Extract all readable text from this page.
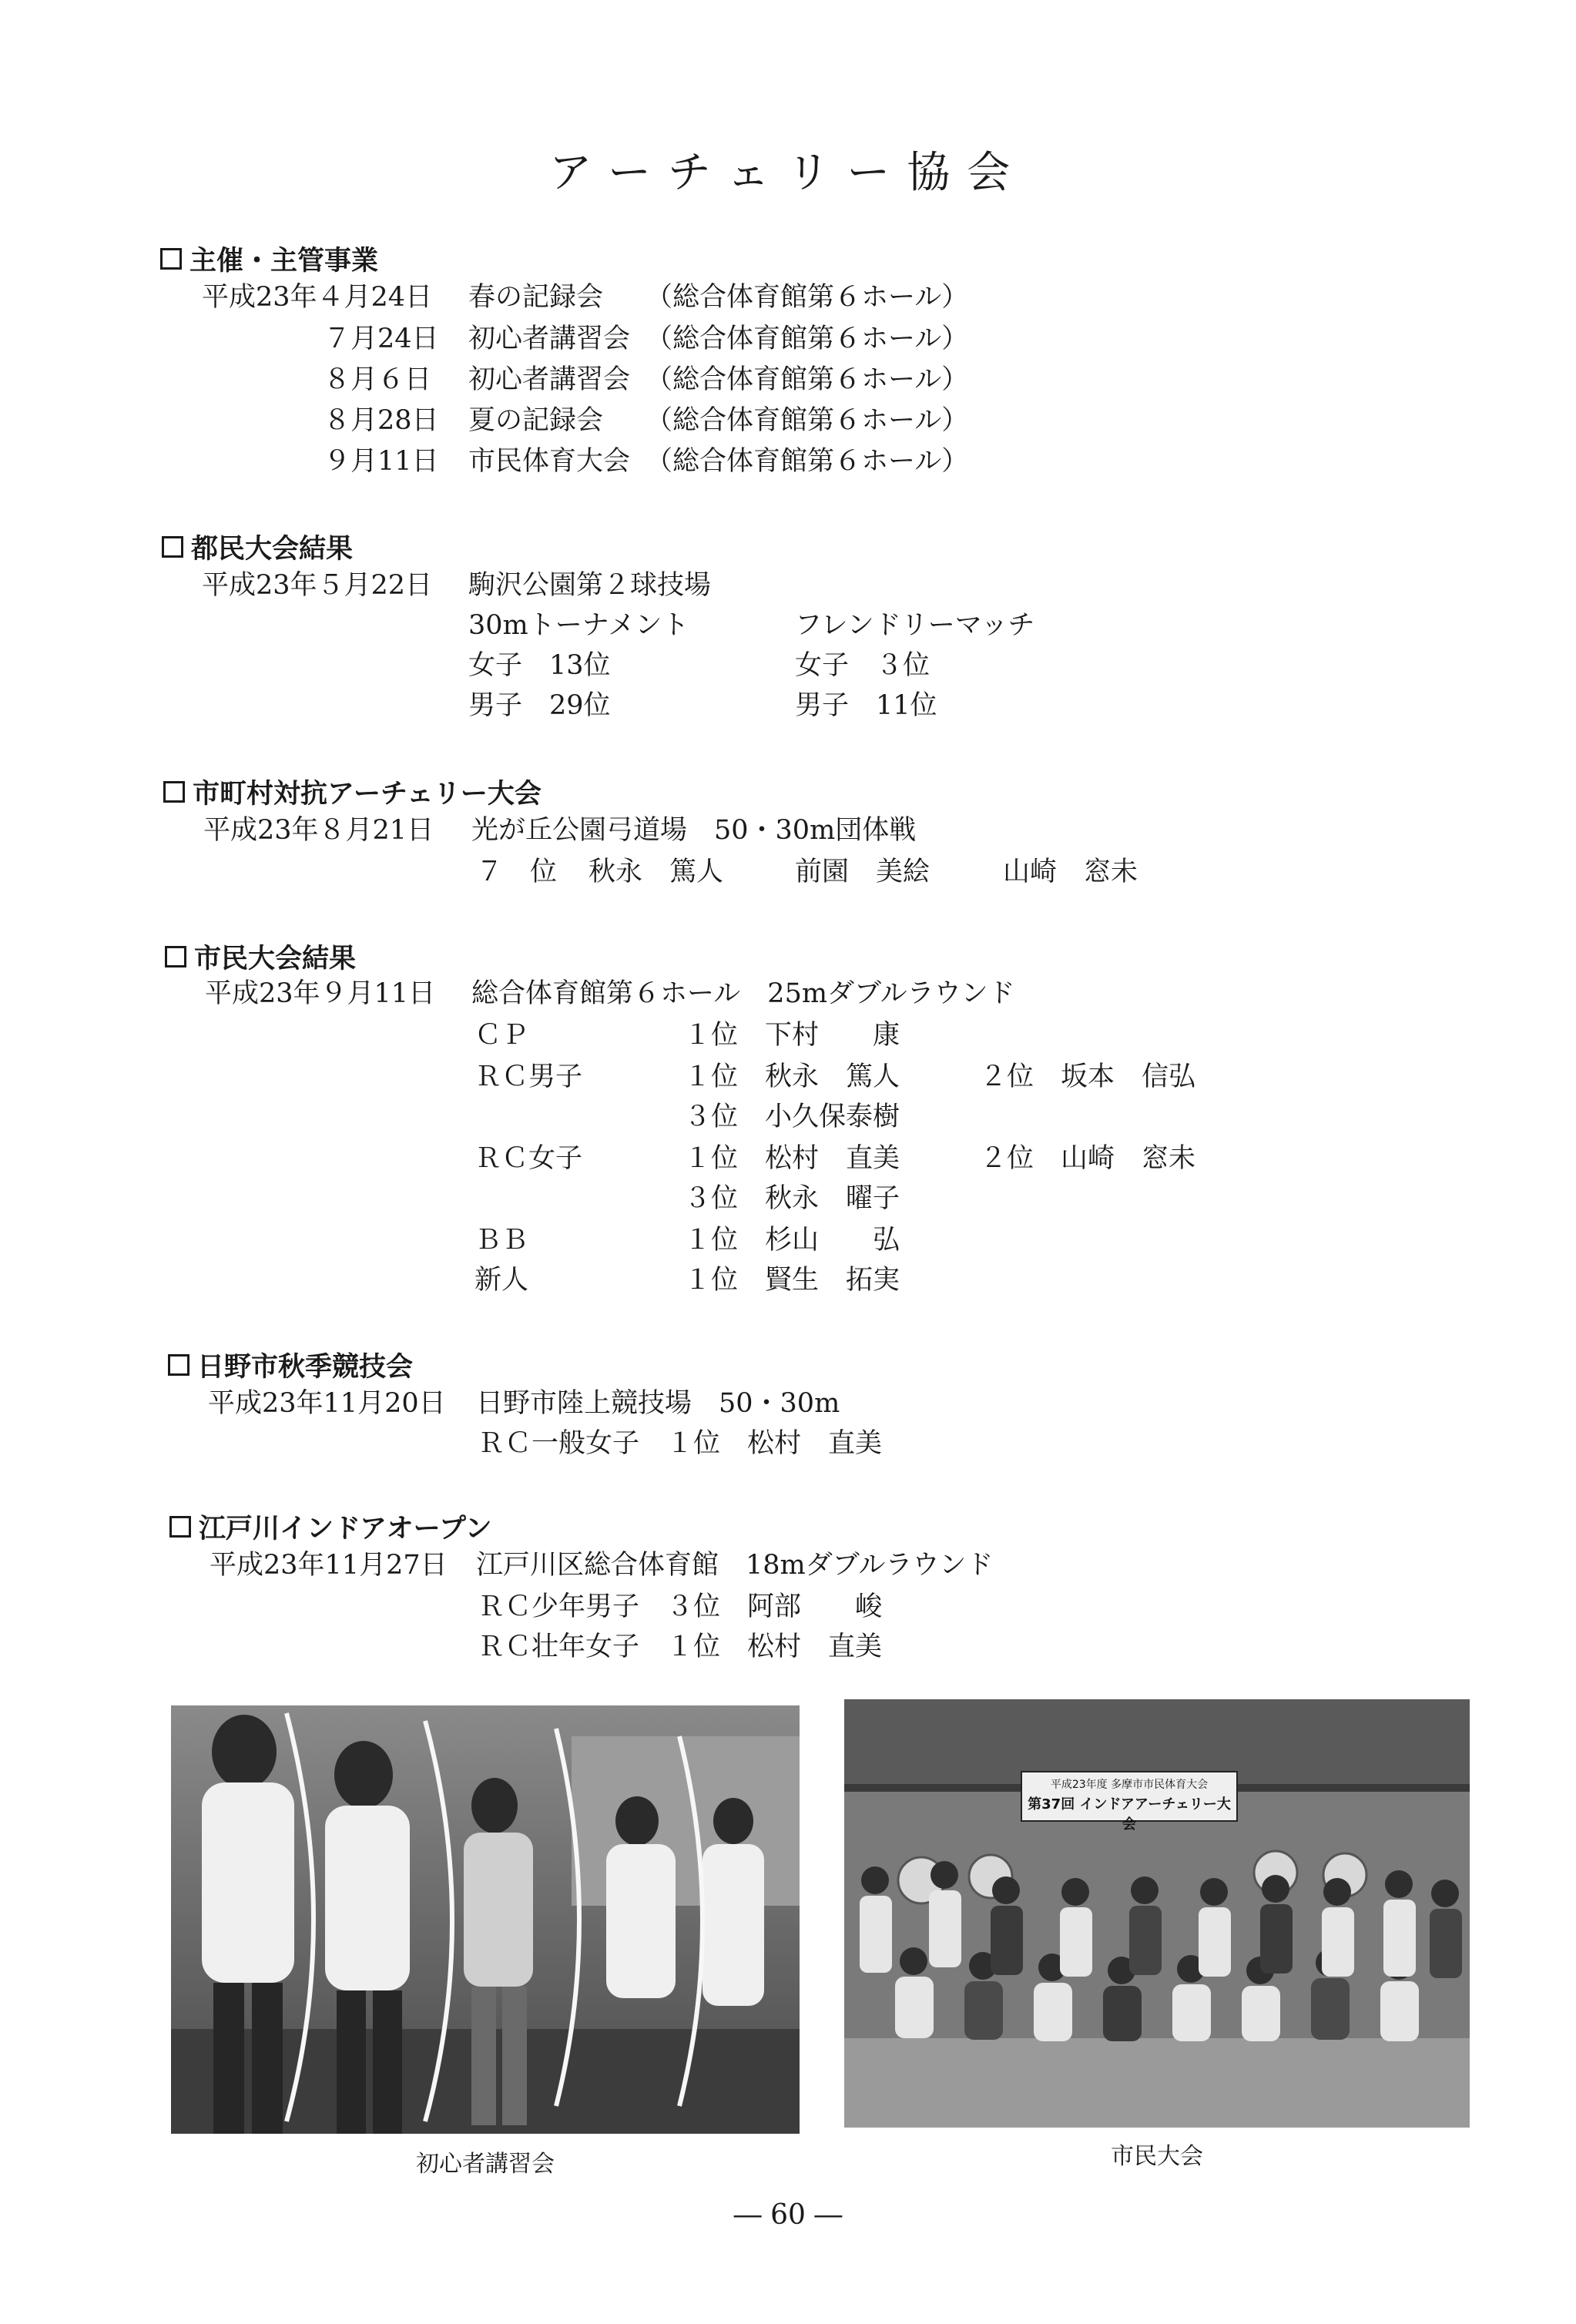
アーチェリー協会
主催・主管事業
平成23年４月24日 春の記録会 （総合体育館第６ホール）
７月24日 初心者講習会 （総合体育館第６ホール）
８月６日 初心者講習会 （総合体育館第６ホール）
８月28日 夏の記録会 （総合体育館第６ホール）
９月11日 市民体育大会 （総合体育館第６ホール）
都民大会結果
平成23年５月22日 駒沢公園第２球技場
30mトーナメント	フレンドリーマッチ
女子　13位	女子　３位
男子　29位	男子　11位
市町村対抗アーチェリー大会
平成23年８月21日 光が丘公園弓道場　50・30m団体戦
７　位 秋永　篤人	前園　美絵	山崎　窓未
市民大会結果
平成23年９月11日 総合体育館第６ホール　25mダブルラウンド
ＣＰ	１位　下村　　康
ＲＣ男子	１位　秋永　篤人	２位　坂本　信弘
３位　小久保泰樹
ＲＣ女子	１位　松村　直美	２位　山崎　窓未
３位　秋永　曜子
ＢＢ	１位　杉山　　弘
新人	１位　賢生　拓実
日野市秋季競技会
平成23年11月20日 日野市陸上競技場　50・30m
ＲＣ一般女子　１位　松村　直美
江戸川インドアオープン
平成23年11月27日 江戸川区総合体育館　18mダブルラウンド
ＲＣ少年男子　３位　阿部　　峻
ＲＣ壮年女子　１位　松村　直美
初心者講習会
平成23年度 多摩市市民体育大会
第37回 インドアアーチェリー大会
市民大会
― 60 ―
